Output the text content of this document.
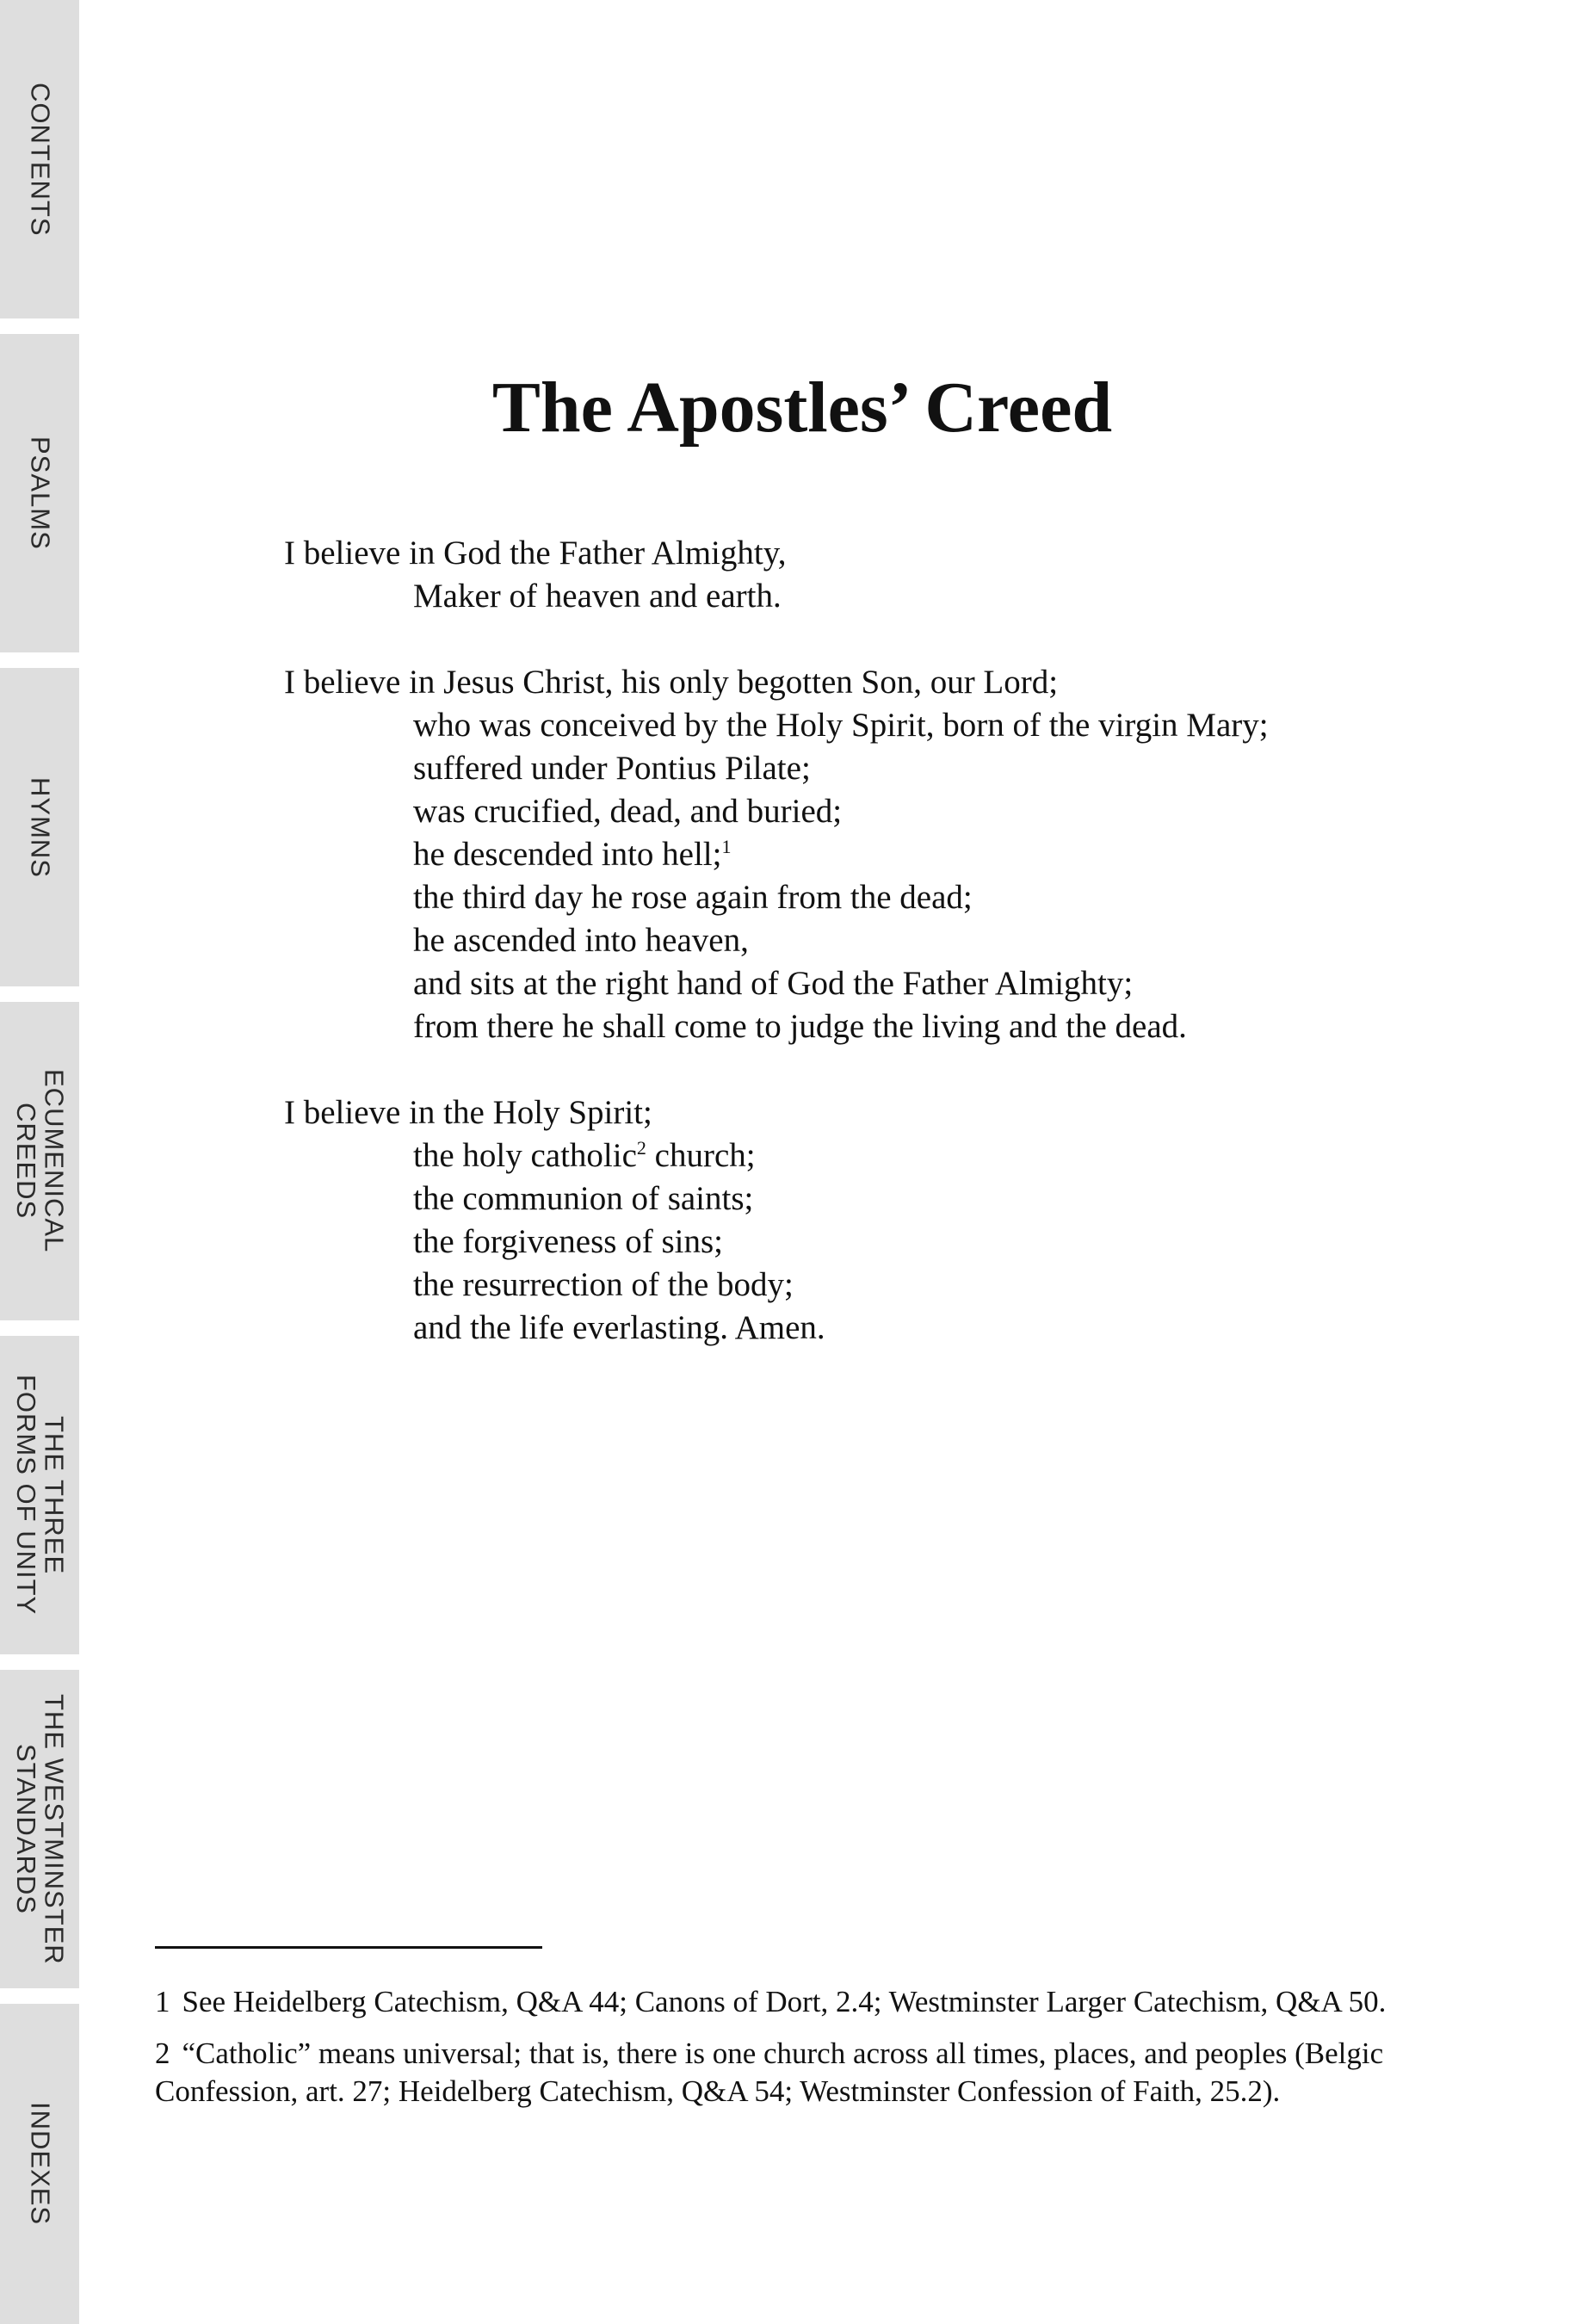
CONTENTS
PSALMS
HYMNS
ECUMENICAL
CREEDS
THE THREE
FORMS OF UNITY
THE WESTMINSTER
STANDARDS
INDEXES
The Apostles’ Creed
I believe in God the Father Almighty,
Maker of heaven and earth.
I believe in Jesus Christ, his only begotten Son, our Lord;
who was conceived by the Holy Spirit, born of the virgin Mary;
suffered under Pontius Pilate;
was crucified, dead, and buried;
he descended into hell;$^1$
the third day he rose again from the dead;
he ascended into heaven,
and sits at the right hand of God the Father Almighty;
from there he shall come to judge the living and the dead.
I believe in the Holy Spirit;
the holy catholic$^2$ church;
the communion of saints;
the forgiveness of sins;
the resurrection of the body;
and the life everlasting. Amen.
1 See Heidelberg Catechism, Q&A 44; Canons of Dort, 2.4; Westminster Larger Catechism, Q&A 50.
2 “Catholic” means universal; that is, there is one church across all times, places, and peoples (Belgic Confession, art. 27; Heidelberg Catechism, Q&A 54; Westminster Confession of Faith, 25.2).
